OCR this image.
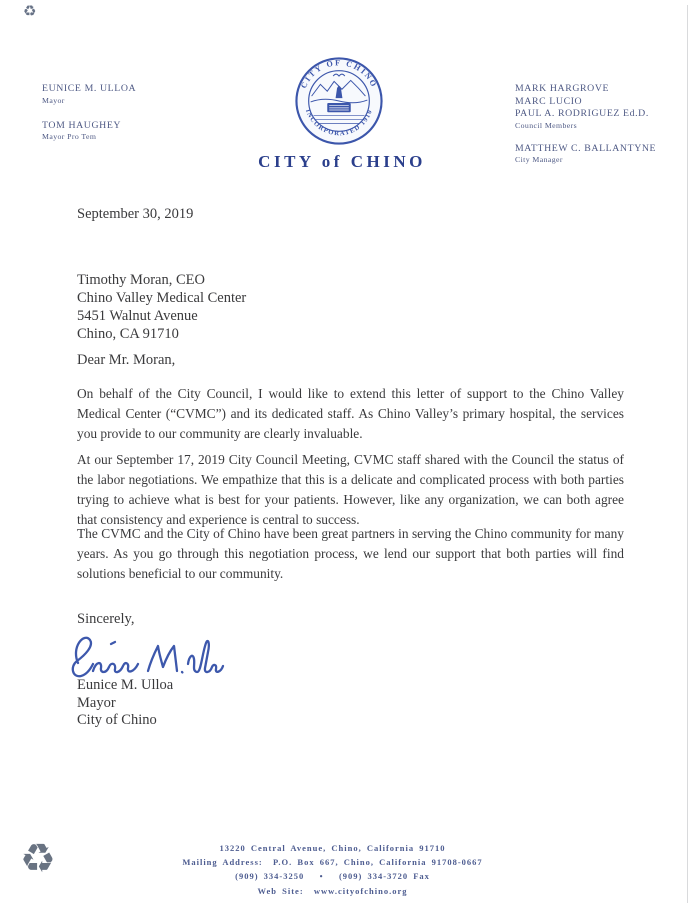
♻
EUNICE M. ULLOA
Mayor
TOM HAUGHEY
Mayor Pro Tem
CITY OF CHINO
INCORPORATED 1910
CITY of CHINO
MARK HARGROVE
MARC LUCIO
PAUL A. RODRIGUEZ Ed.D.
Council Members
MATTHEW C. BALLANTYNE
City Manager
September 30, 2019
Timothy Moran, CEO
Chino Valley Medical Center
5451 Walnut Avenue
Chino, CA 91710
Dear Mr. Moran,

On behalf of the City Council, I would like to extend this letter of support to the Chino Valley Medical Center (“CVMC”) and its dedicated staff. As Chino Valley’s primary hospital, the services you provide to our community are clearly invaluable.

At our September 17, 2019 City Council Meeting, CVMC staff shared with the Council the status of the labor negotiations. We empathize that this is a delicate and complicated process with both parties trying to achieve what is best for your patients. However, like any organization, we can both agree that consistency and experience is central to success.

The CVMC and the City of Chino have been great partners in serving the Chino community for many years. As you go through this negotiation process, we lend our support that both parties will find solutions beneficial to our community.

Sincerely,
Eunice M. Ulloa
Mayor
City of Chino
13220 Central Avenue, Chino, California 91710
Mailing Address:  P.O. Box 667, Chino, California 91708-0667
(909) 334-3250   •   (909) 334-3720 Fax
Web Site:  www.cityofchino.org
♻
